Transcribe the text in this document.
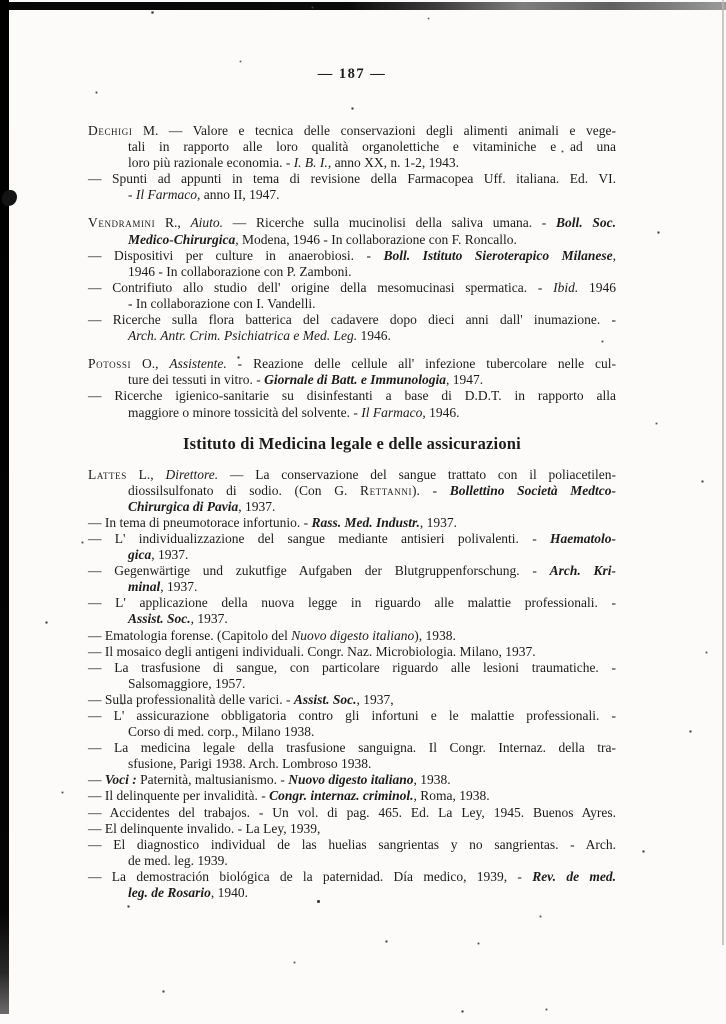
— 187 —
Dechigi M. — Valore e tecnica delle conservazioni degli alimenti animali e vege-
tali in rapporto alle loro qualità organolettiche e vitaminiche e ad una
loro più razionale economia. - I. B. I., anno XX, n. 1-2, 1943.
— Spunti ad appunti in tema di revisione della Farmacopea Uff. italiana. Ed. VI.
- Il Farmaco, anno II, 1947.
Vendramini R., Aiuto. — Ricerche sulla mucinolisi della saliva umana. - Boll. Soc.
Medico-Chirurgica, Modena, 1946 - In collaborazione con F. Roncallo.
— Dispositivi per culture in anaerobiosi. - Boll. Istituto Sieroterapico Milanese,
1946 - In collaborazione con P. Zamboni.
— Contrifiuto allo studio dell' origine della mesomucinasi spermatica. - Ibid. 1946
- In collaborazione con I. Vandelli.
— Ricerche sulla flora batterica del cadavere dopo dieci anni dall' inumazione. -
Arch. Antr. Crim. Psichiatrica e Med. Leg. 1946.
Potossi O., Assistente. - Reazione delle cellule all' infezione tubercolare nelle cul-
ture dei tessuti in vitro. - Giornale di Batt. e Immunologia, 1947.
— Ricerche igienico-sanitarie su disinfestanti a base di D.D.T. in rapporto alla
maggiore o minore tossicità del solvente. - Il Farmaco, 1946.
Istituto di Medicina legale e delle assicurazioni
Lattes L., Direttore. — La conservazione del sangue trattato con il poliacetilen-
diossilsulfonato di sodio. (Con G. Rettanni). - Bollettino Società Medtco-
Chirurgica di Pavia, 1937.
— In tema di pneumotorace infortunio. - Rass. Med. Industr., 1937.
— L' individualizzazione del sangue mediante antisieri polivalenti. - Haematolo-
gica, 1937.
— Gegenwärtige und zukutfige Aufgaben der Blutgruppenforschung. - Arch. Kri-
minal, 1937.
— L' applicazione della nuova legge in riguardo alle malattie professionali. -
Assist. Soc., 1937.
— Ematologia forense. (Capitolo del Nuovo digesto italiano), 1938.
— Il mosaico degli antigeni individuali. Congr. Naz. Microbiologia. Milano, 1937.
— La trasfusione di sangue, con particolare riguardo alle lesioni traumatiche. -
Salsomaggiore, 1957.
— Sulla professionalità delle varici. - Assist. Soc., 1937,
— L' assicurazione obbligatoria contro gli infortuni e le malattie professionali. -
Corso di med. corp., Milano 1938.
— La medicina legale della trasfusione sanguigna. Il Congr. Internaz. della tra-
sfusione, Parigi 1938. Arch. Lombroso 1938.
— Voci : Paternità, maltusianismo. - Nuovo digesto italiano, 1938.
— Il delinquente per invalidità. - Congr. internaz. criminol., Roma, 1938.
— Accidentes del trabajos. - Un vol. di pag. 465. Ed. La Ley, 1945. Buenos Ayres.
— El delinquente invalido. - La Ley, 1939,
— El diagnostico individual de las huelias sangrientas y no sangrientas. - Arch.
de med. leg. 1939.
— La demostración biológica de la paternidad. Día medico, 1939, - Rev. de med.
leg. de Rosario, 1940.
